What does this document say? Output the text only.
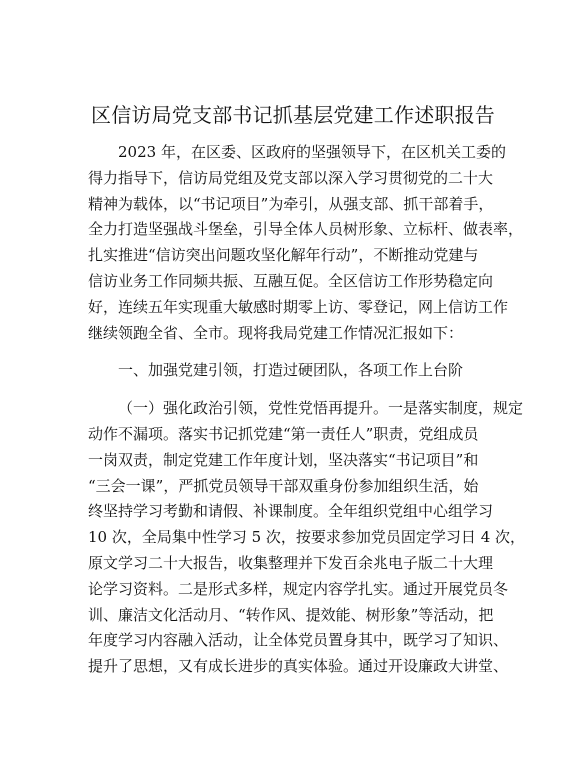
区信访局党支部书记抓基层党建工作述职报告
2023 年，在区委、区政府的坚强领导下，在区机关工委的
得力指导下，信访局党组及党支部以深入学习贯彻党的二十大
精神为载体，以“书记项目”为牵引，从强支部、抓干部着手，
全力打造坚强战斗堡垒，引导全体人员树形象、立标杆、做表率，
扎实推进“信访突出问题攻坚化解年行动”，不断推动党建与
信访业务工作同频共振、互融互促。全区信访工作形势稳定向
好，连续五年实现重大敏感时期零上访、零登记，网上信访工作
继续领跑全省、全市。现将我局党建工作情况汇报如下：
一、加强党建引领，打造过硬团队，各项工作上台阶
（一）强化政治引领，党性党悟再提升。一是落实制度，规定
动作不漏项。落实书记抓党建“第一责任人”职责，党组成员
一岗双责，制定党建工作年度计划，坚决落实“书记项目”和
“三会一课”，严抓党员领导干部双重身份参加组织生活，始
终坚持学习考勤和请假、补课制度。全年组织党组中心组学习
10 次，全局集中性学习 5 次，按要求参加党员固定学习日 4 次，
原文学习二十大报告，收集整理并下发百余兆电子版二十大理
论学习资料。二是形式多样，规定内容学扎实。通过开展党员冬
训、廉洁文化活动月、“转作风、提效能、树形象”等活动，把
年度学习内容融入活动，让全体党员置身其中，既学习了知识、
提升了思想，又有成长进步的真实体验。通过开设廉政大讲堂、
